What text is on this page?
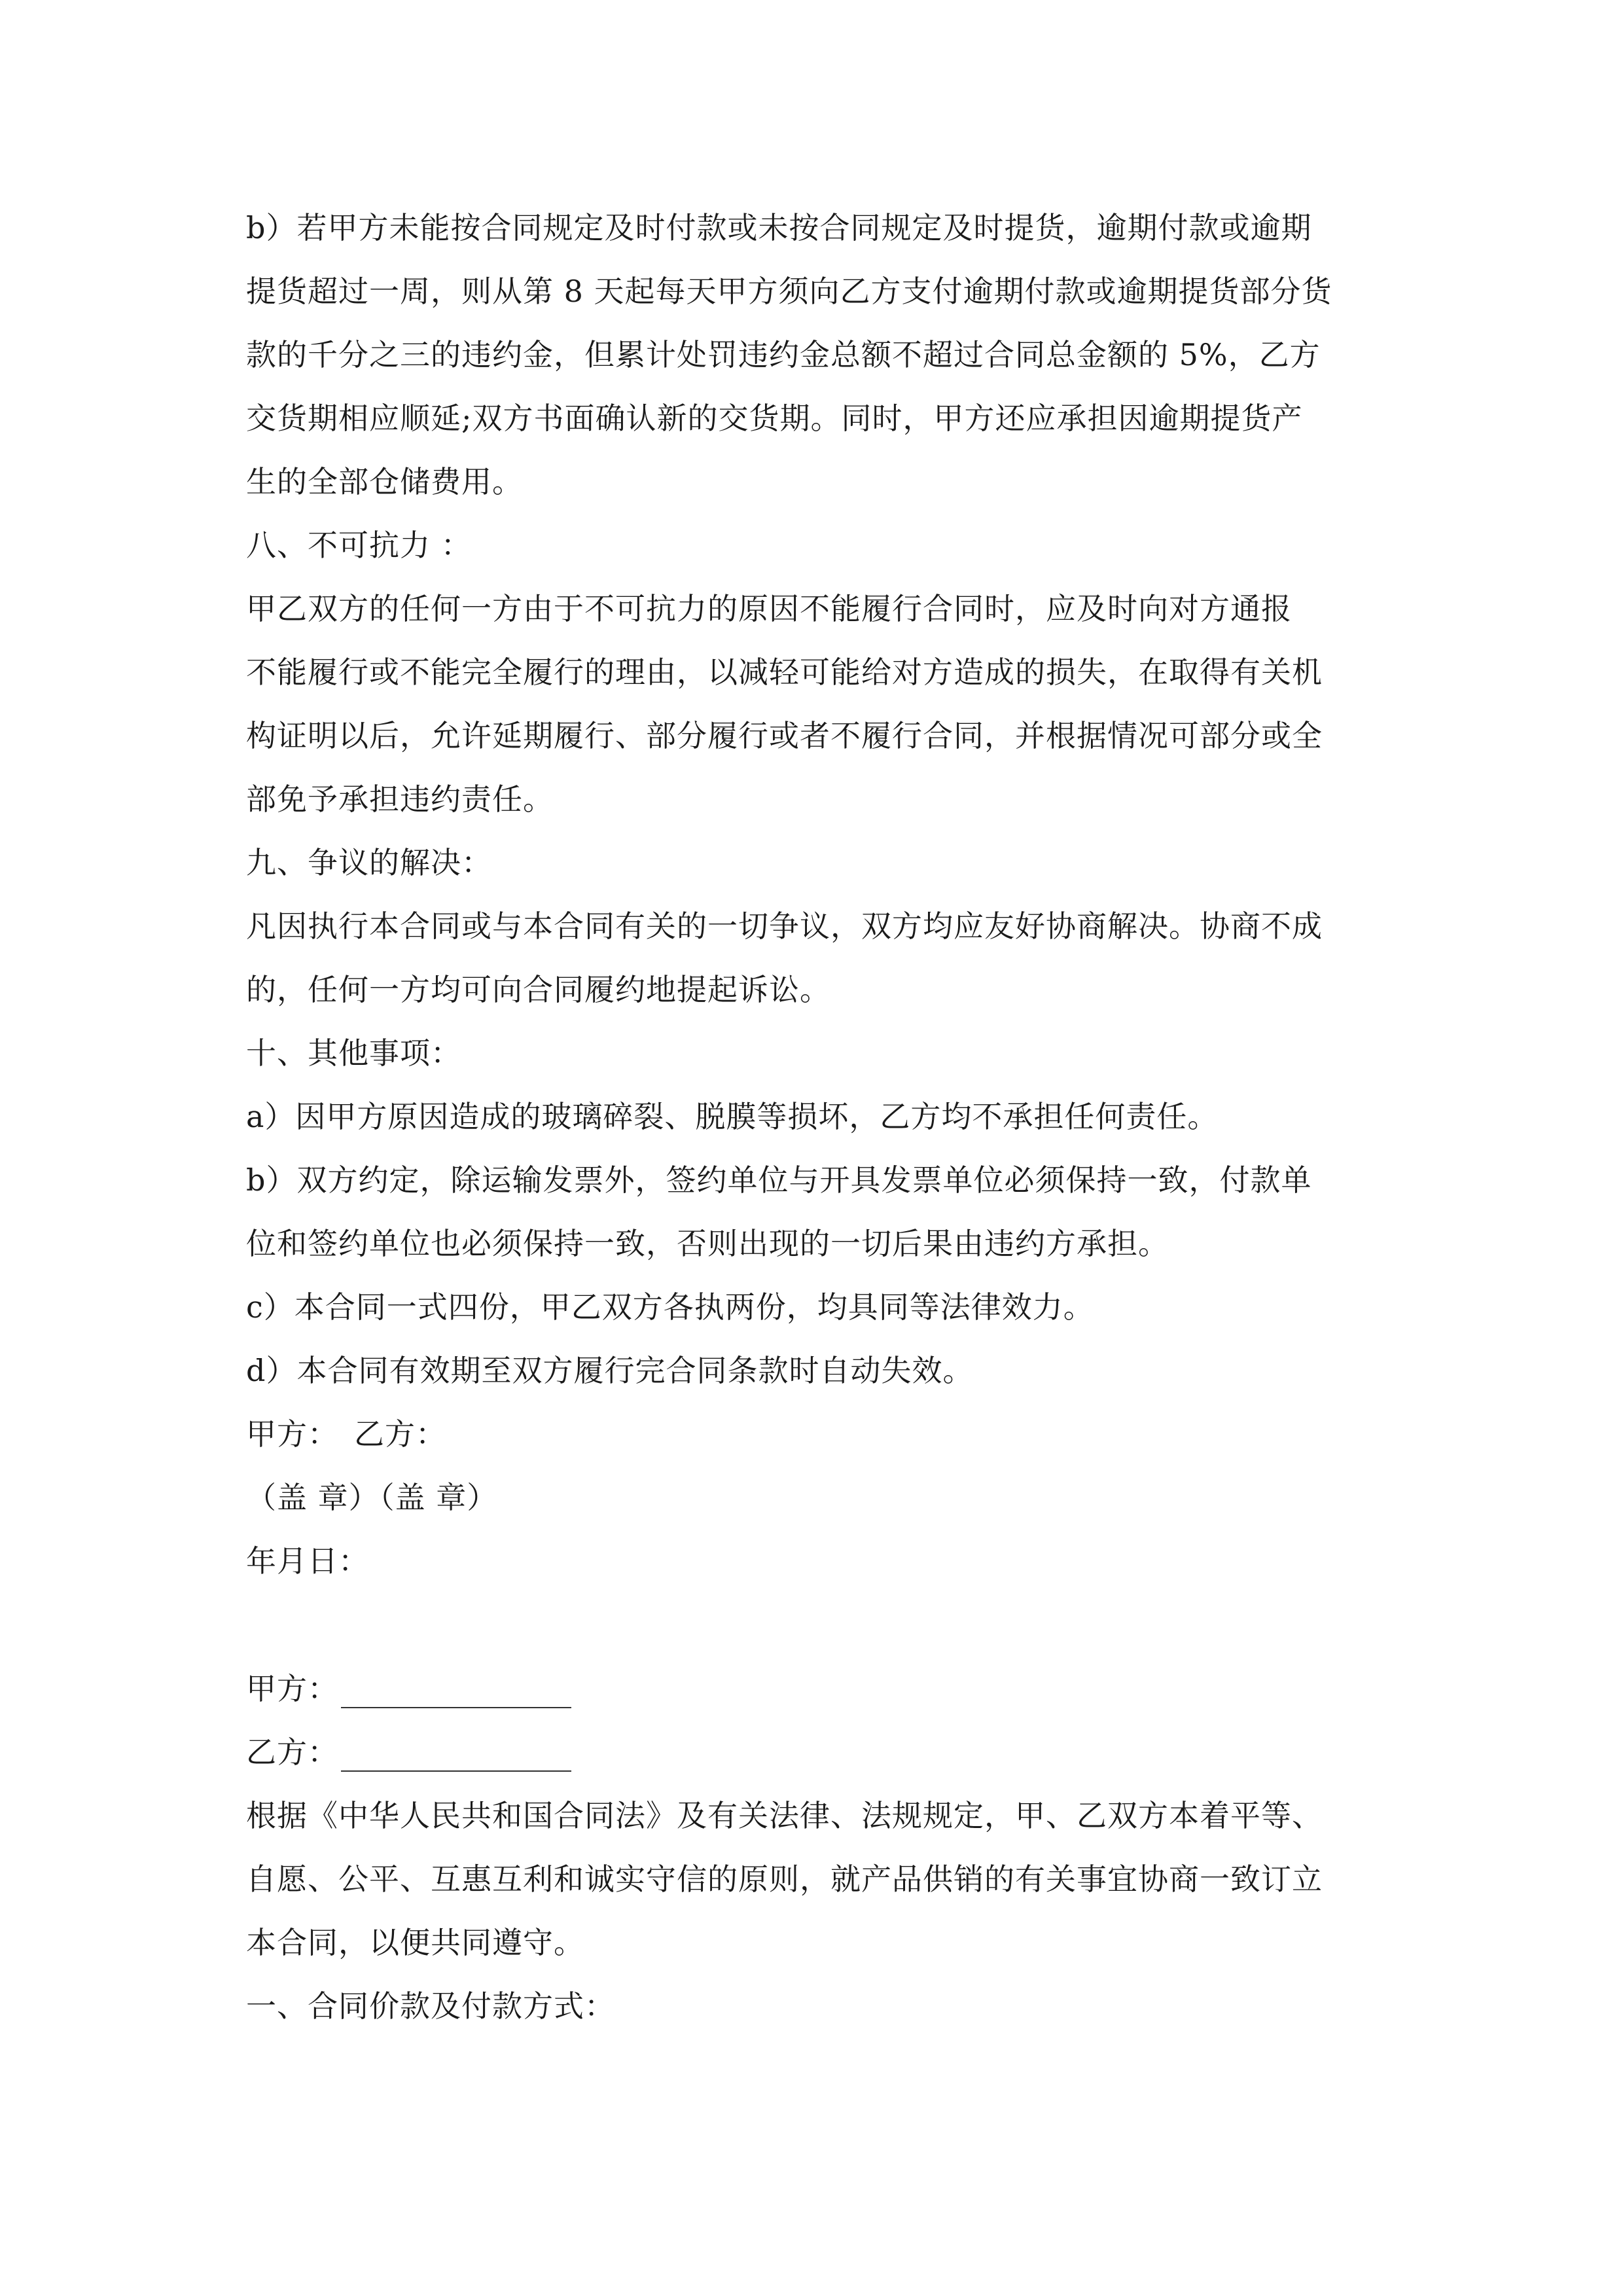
b）若甲方未能按合同规定及时付款或未按合同规定及时提货，逾期付款或逾期
提货超过一周，则从第 8 天起每天甲方须向乙方支付逾期付款或逾期提货部分货
款的千分之三的违约金，但累计处罚违约金总额不超过合同总金额的 5%，乙方
交货期相应顺延;双方书面确认新的交货期。同时，甲方还应承担因逾期提货产
生的全部仓储费用。
八、不可抗力 ：
甲乙双方的任何一方由于不可抗力的原因不能履行合同时，应及时向对方通报
不能履行或不能完全履行的理由，以减轻可能给对方造成的损失，在取得有关机
构证明以后，允许延期履行、部分履行或者不履行合同，并根据情况可部分或全
部免予承担违约责任。
九、争议的解决：
凡因执行本合同或与本合同有关的一切争议，双方均应友好协商解决。协商不成
的，任何一方均可向合同履约地提起诉讼。
十、其他事项：
a）因甲方原因造成的玻璃碎裂、脱膜等损坏，乙方均不承担任何责任。
b）双方约定，除运输发票外，签约单位与开具发票单位必须保持一致，付款单
位和签约单位也必须保持一致，否则出现的一切后果由违约方承担。
c）本合同一式四份，甲乙双方各执两份，均具同等法律效力。
d）本合同有效期至双方履行完合同条款时自动失效。
甲方：　乙方：
（盖 章）（盖 章）
年月日：
甲方：
乙方：
根据《中华人民共和国合同法》及有关法律、法规规定，甲、乙双方本着平等、
自愿、公平、互惠互利和诚实守信的原则，就产品供销的有关事宜协商一致订立
本合同，以便共同遵守。
一、合同价款及付款方式：
